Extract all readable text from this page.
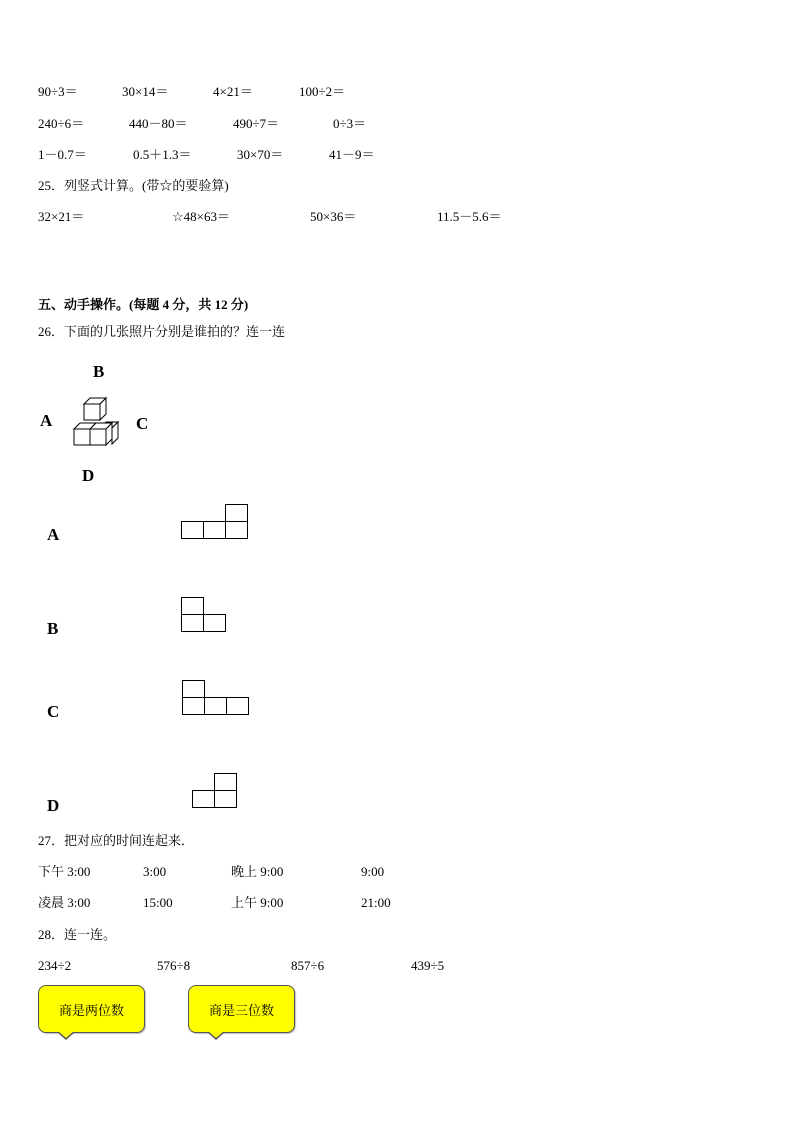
90÷3＝	30×14＝	4×21＝	100÷2＝
240÷6＝	440－80＝	490÷7＝	0÷3＝
1－0.7＝	0.5＋1.3＝	30×70＝	41－9＝
25．列竖式计算。(带☆的要验算)
32×21＝	☆48×63＝	50×36＝	11.5－5.6＝
五、动手操作。(每题 4 分，共 12 分)
26．下面的几张照片分别是谁拍的？连一连
B
A	C
D
A
B
C
D
27．把对应的时间连起来．
下午 3:00	3:00	晚上 9:00	9:00
凌晨 3:00	15:00	上午 9:00	21:00
28．连一连。
234÷2	576÷8	857÷6	439÷5
商是两位数	商是三位数
